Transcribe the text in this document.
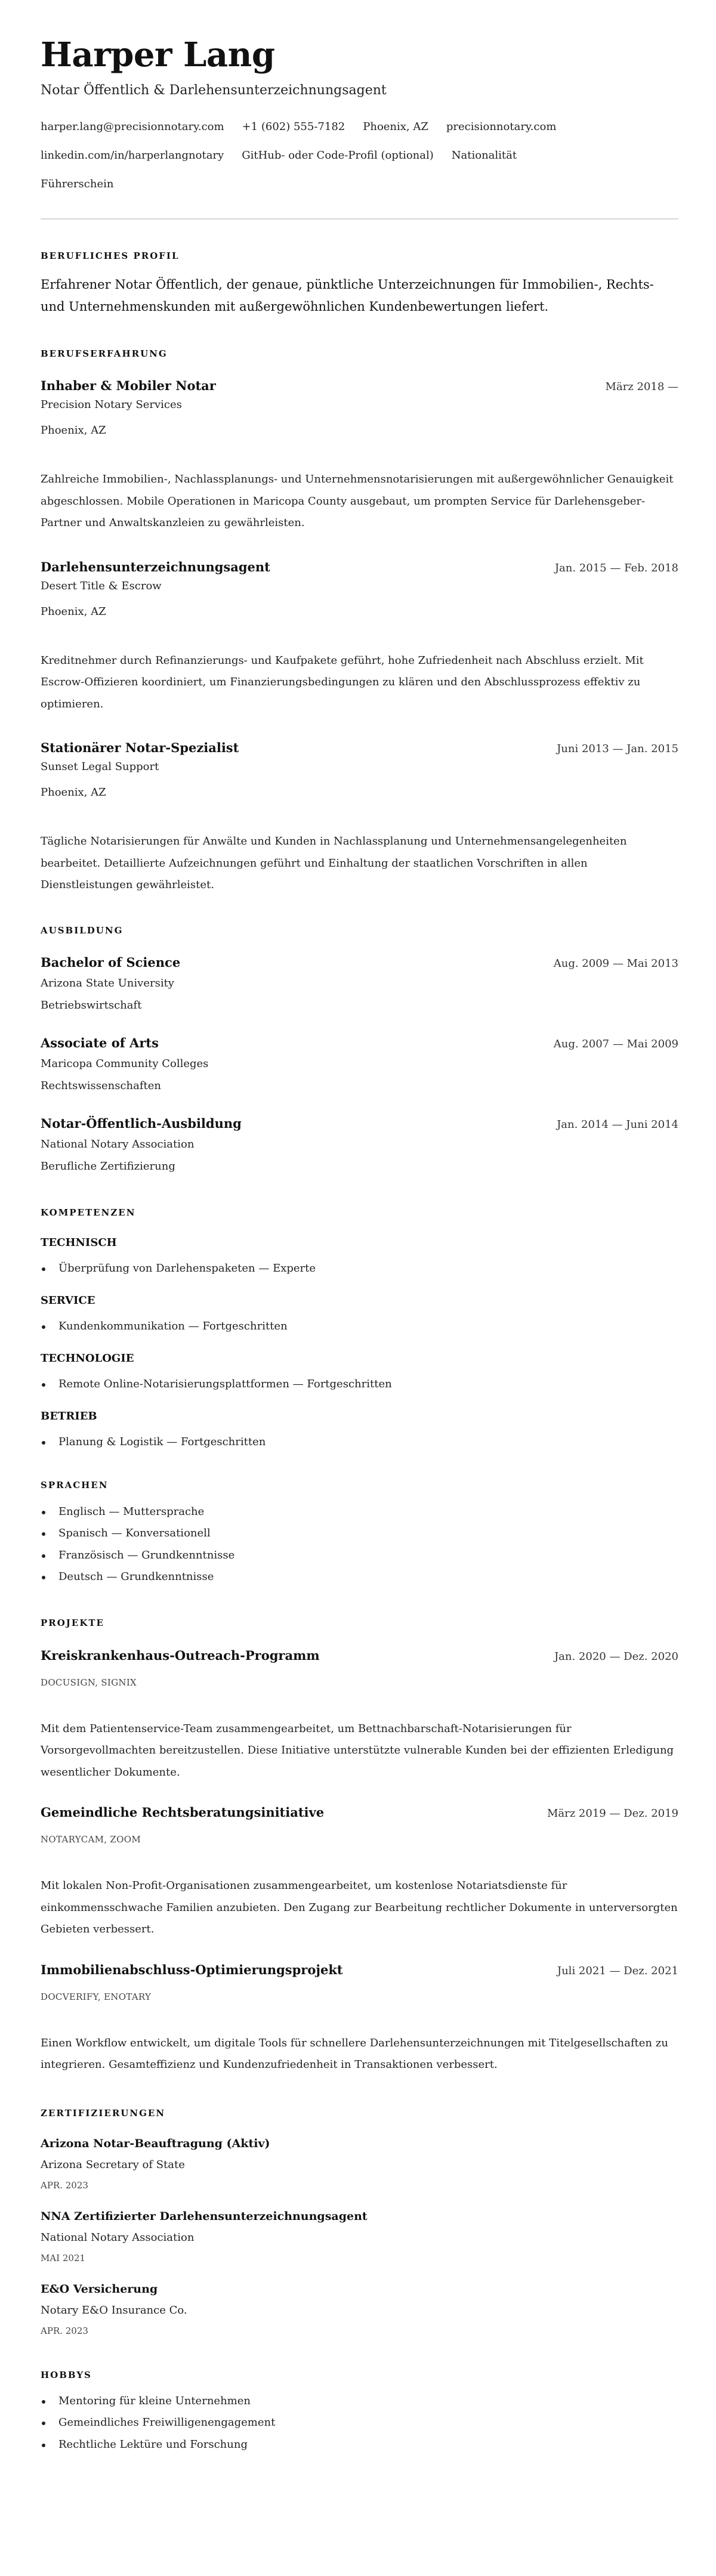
Harper Lang
Notar Öffentlich & Darlehensunterzeichnungsagent
harper.lang@precisionnotary.com +1 (602) 555-7182 Phoenix, AZ precisionnotary.com
linkedin.com/in/harperlangnotary GitHub- oder Code-Profil (optional) Nationalität
Führerschein
BERUFLICHES PROFIL

Erfahrener Notar Öffentlich, der genaue, pünktliche Unterzeichnungen für Immobilien-, Rechts- und Unternehmenskunden mit außergewöhnlichen Kundenbewertungen liefert.

BERUFSERFAHRUNG
Inhaber & Mobiler Notar	März 2018 —
Precision Notary Services
Phoenix, AZ
Zahlreiche Immobilien-, Nachlassplanungs- und Unternehmensnotarisierungen mit außergewöhnlicher Genauigkeit abgeschlossen. Mobile Operationen in Maricopa County ausgebaut, um prompten Service für Darlehensgeber-Partner und Anwaltskanzleien zu gewährleisten.
Darlehensunterzeichnungsagent	Jan. 2015 — Feb. 2018
Desert Title & Escrow
Phoenix, AZ
Kreditnehmer durch Refinanzierungs- und Kaufpakete geführt, hohe Zufriedenheit nach Abschluss erzielt. Mit Escrow-Offizieren koordiniert, um Finanzierungsbedingungen zu klären und den Abschlussprozess effektiv zu optimieren.
Stationärer Notar-Spezialist	Juni 2013 — Jan. 2015
Sunset Legal Support
Phoenix, AZ
Tägliche Notarisierungen für Anwälte und Kunden in Nachlassplanung und Unternehmensangelegenheiten bearbeitet. Detaillierte Aufzeichnungen geführt und Einhaltung der staatlichen Vorschriften in allen Dienstleistungen gewährleistet.
AUSBILDUNG
Bachelor of Science	Aug. 2009 — Mai 2013
Arizona State University
Betriebswirtschaft
Associate of Arts	Aug. 2007 — Mai 2009
Maricopa Community Colleges
Rechtswissenschaften
Notar-Öffentlich-Ausbildung	Jan. 2014 — Juni 2014
National Notary Association
Berufliche Zertifizierung
KOMPETENZEN
TECHNISCH
Überprüfung von Darlehenspaketen — Experte
SERVICE
Kundenkommunikation — Fortgeschritten
TECHNOLOGIE
Remote Online-Notarisierungsplattformen — Fortgeschritten
BETRIEB
Planung & Logistik — Fortgeschritten
SPRACHEN
Englisch — Muttersprache
Spanisch — Konversationell
Französisch — Grundkenntnisse
Deutsch — Grundkenntnisse
PROJEKTE
Kreiskrankenhaus-Outreach-Programm	Jan. 2020 — Dez. 2020
DOCUSIGN, SIGNIX
Mit dem Patientenservice-Team zusammengearbeitet, um Bettnachbarschaft-Notarisierungen für Vorsorgevollmachten bereitzustellen. Diese Initiative unterstützte vulnerable Kunden bei der effizienten Erledigung wesentlicher Dokumente.
Gemeindliche Rechtsberatungsinitiative	März 2019 — Dez. 2019
NOTARYCAM, ZOOM
Mit lokalen Non-Profit-Organisationen zusammengearbeitet, um kostenlose Notariatsdienste für einkommensschwache Familien anzubieten. Den Zugang zur Bearbeitung rechtlicher Dokumente in unterversorgten Gebieten verbessert.
Immobilienabschluss-Optimierungsprojekt	Juli 2021 — Dez. 2021
DOCVERIFY, ENOTARY
Einen Workflow entwickelt, um digitale Tools für schnellere Darlehensunterzeichnungen mit Titelgesellschaften zu integrieren. Gesamteffizienz und Kundenzufriedenheit in Transaktionen verbessert.
ZERTIFIZIERUNGEN
Arizona Notar-Beauftragung (Aktiv)
Arizona Secretary of State
APR. 2023
NNA Zertifizierter Darlehensunterzeichnungsagent
National Notary Association
MAI 2021
E&O Versicherung
Notary E&O Insurance Co.
APR. 2023
HOBBYS
Mentoring für kleine Unternehmen
Gemeindliches Freiwilligenengagement
Rechtliche Lektüre und Forschung
